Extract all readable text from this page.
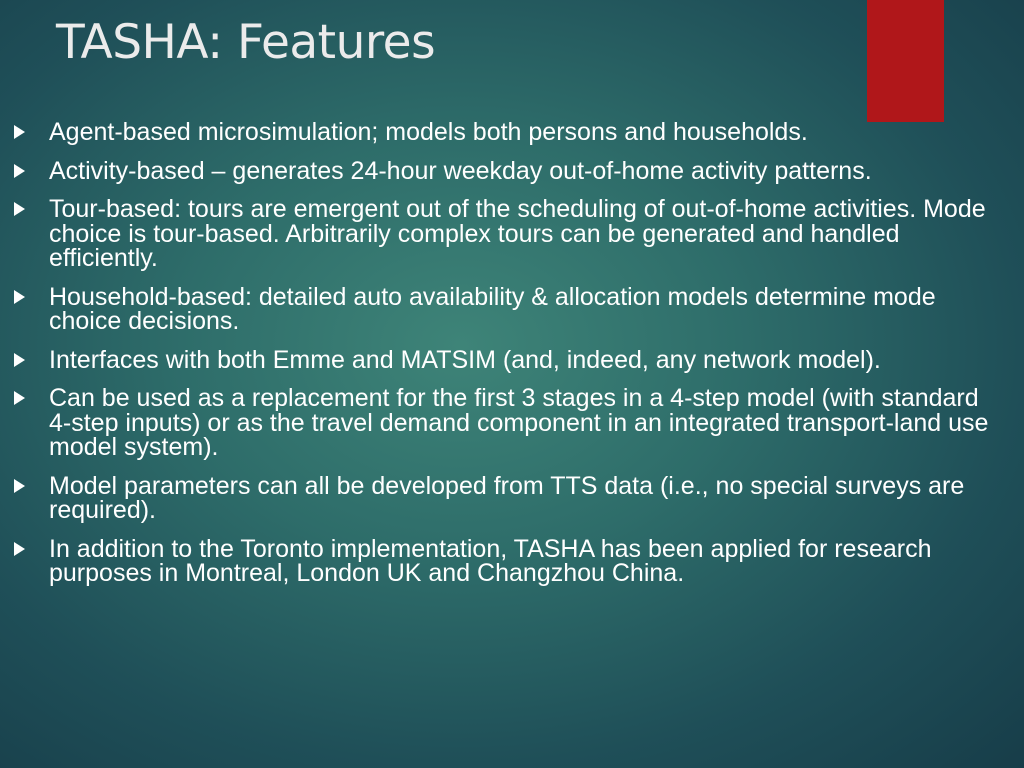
TASHA: Features
Agent-based microsimulation; models both persons and households.
Activity-based – generates 24-hour weekday out-of-home activity patterns.
Tour-based: tours are emergent out of the scheduling of out-of-home activities. Mode choice is tour-based. Arbitrarily complex tours can be generated and handled efficiently.
Household-based: detailed auto availability & allocation models determine mode choice decisions.
Interfaces with both Emme and MATSIM (and, indeed, any network model).
Can be used as a replacement for the first 3 stages in a 4-step model (with standard 4-step inputs) or as the travel demand component in an integrated transport-land use model system).
Model parameters can all be developed from TTS data (i.e., no special surveys are required).
In addition to the Toronto implementation, TASHA has been applied for research purposes in Montreal, London UK and Changzhou China.
